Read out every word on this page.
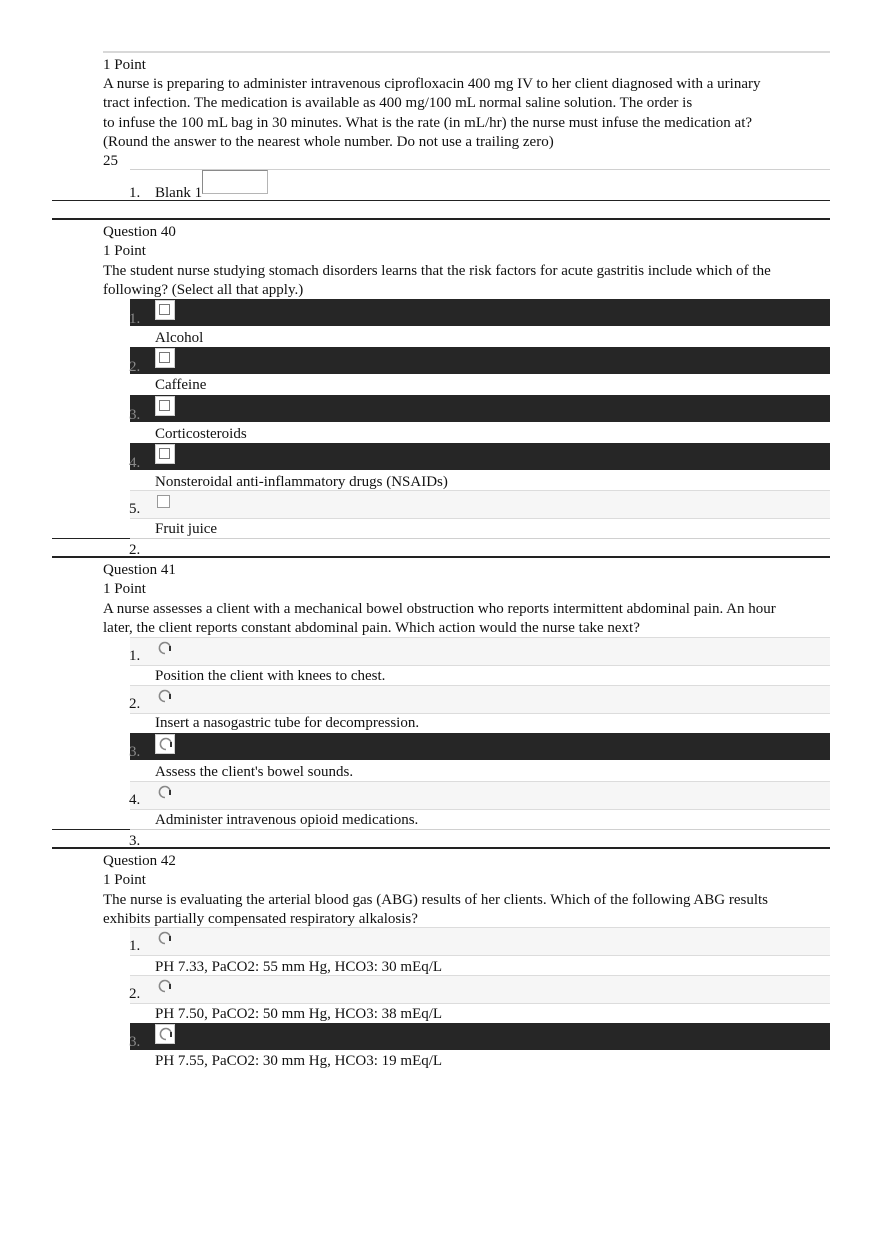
1 Point
A nurse is preparing to administer intravenous ciprofloxacin 400 mg IV to her client diagnosed with a urinary
tract infection. The medication is available as 400 mg/100 mL normal saline solution. The order is
to infuse the 100 mL bag in 30 minutes. What is the rate (in mL/hr) the nurse must infuse the medication at?
(Round the answer to the nearest whole number. Do not use a trailing zero)
25
1. Blank 1
Question 40
1 Point
The student nurse studying stomach disorders learns that the risk factors for acute gastritis include which of the
following? (Select all that apply.)
1.
Alcohol
2.
Caffeine
3.
Corticosteroids
4.
Nonsteroidal anti-inflammatory drugs (NSAIDs)
5.
Fruit juice
2.
Question 41
1 Point
A nurse assesses a client with a mechanical bowel obstruction who reports intermittent abdominal pain. An hour
later, the client reports constant abdominal pain. Which action would the nurse take next?
1.
Position the client with knees to chest.
2.
Insert a nasogastric tube for decompression.
3.
Assess the client's bowel sounds.
4.
Administer intravenous opioid medications.
3.
Question 42
1 Point
The nurse is evaluating the arterial blood gas (ABG) results of her clients. Which of the following ABG results
exhibits partially compensated respiratory alkalosis?
1.
PH 7.33, PaCO2: 55 mm Hg, HCO3: 30 mEq/L
2.
PH 7.50, PaCO2: 50 mm Hg, HCO3: 38 mEq/L
3.
PH 7.55, PaCO2: 30 mm Hg, HCO3: 19 mEq/L
